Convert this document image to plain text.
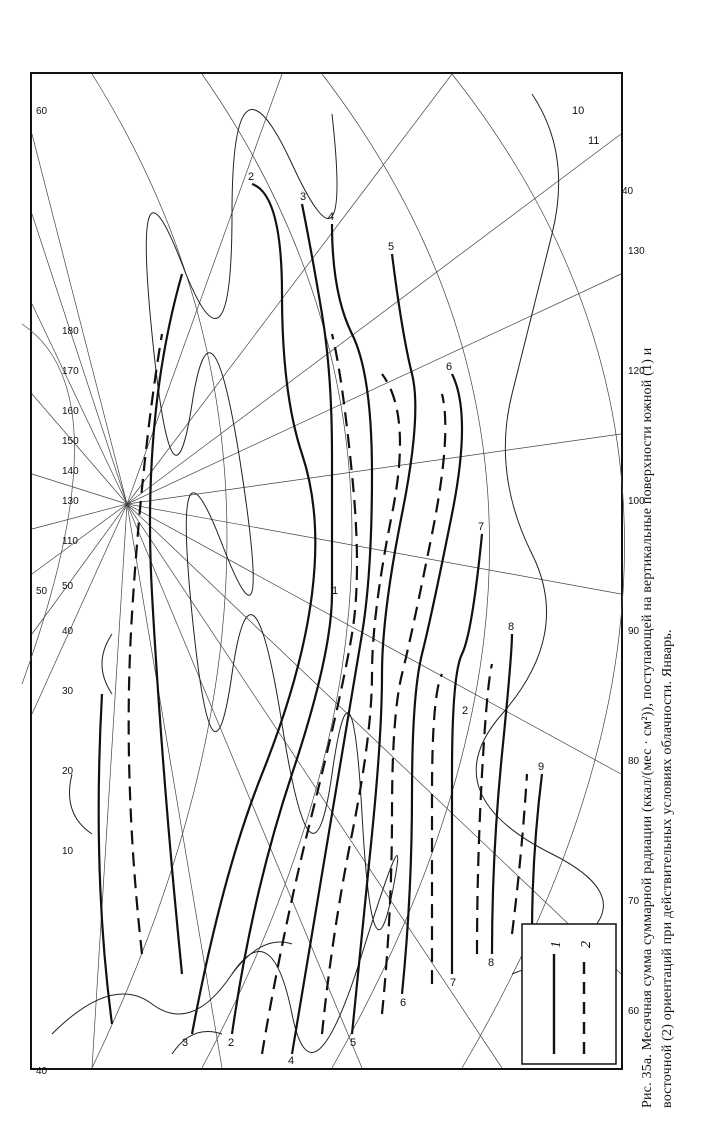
2
3
4
5
6
7
8
9
3	2
4
5
6
7
8
10
11
1
2
60
40
50
40
60
70
80
90
100
120
130
110
130
140
150
160
170
180
20
10
30
40
50
1 2	Рис. 35а. Месячная сумма суммарной радиации (ккал/(мес · см²)), поступающей на вертикальные поверхности южной (1) и восточной (2) ориентаций при действительных условиях облачности. Январь.
